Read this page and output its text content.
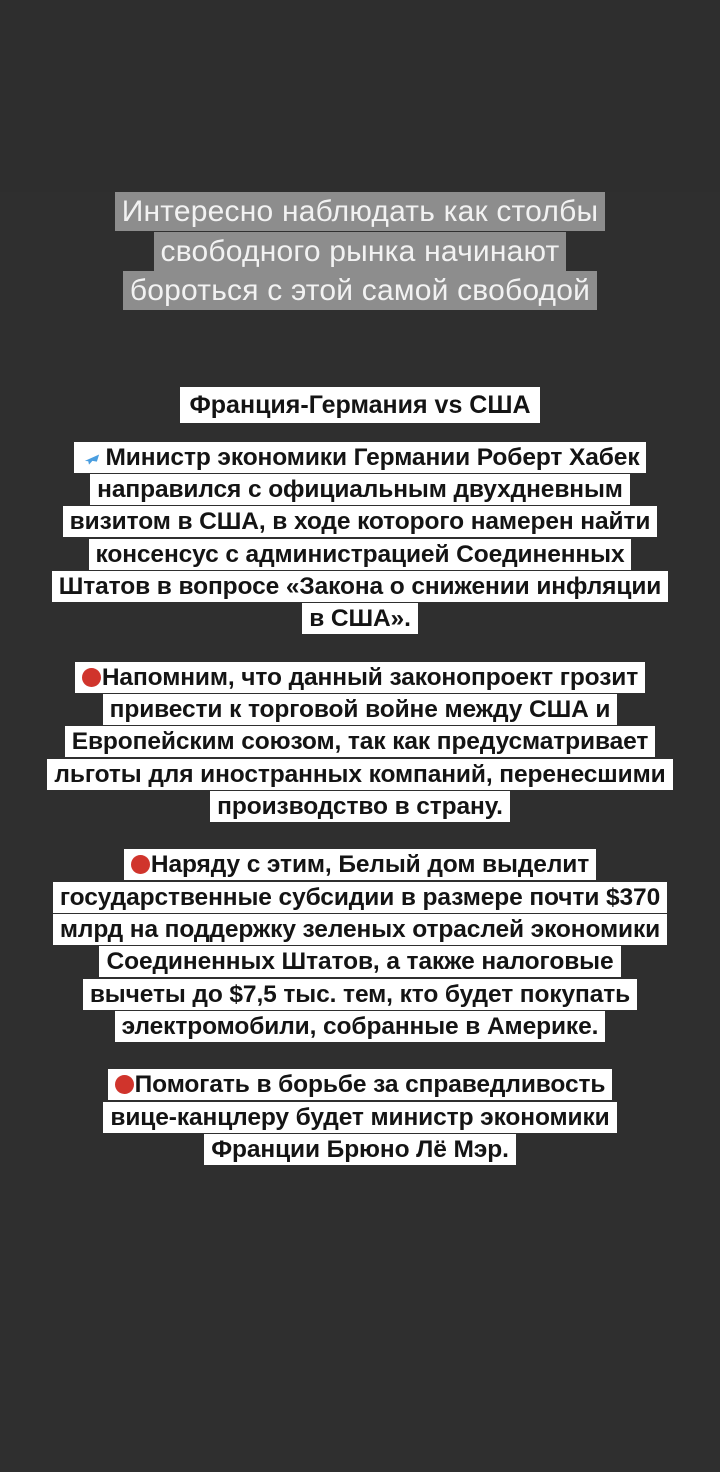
Интересно наблюдать как столбы
свободного рынка начинают
бороться с этой самой свободой
Франция-Германия vs США
Министр экономики Германии Роберт Хабек
направился с официальным двухдневным
визитом в США, в ходе которого намерен найти
консенсус с администрацией Соединенных
Штатов в вопросе «Закона о снижении инфляции
в США».
Напомним, что данный законопроект грозит
привести к торговой войне между США и
Европейским союзом, так как предусматривает
льготы для иностранных компаний, перенесшими
производство в страну.
Наряду с этим, Белый дом выделит
государственные субсидии в размере почти $370
млрд на поддержку зеленых отраслей экономики
Соединенных Штатов, а также налоговые
вычеты до $7,5 тыс. тем, кто будет покупать
электромобили, собранные в Америке.
Помогать в борьбе за справедливость
вице-канцлеру будет министр экономики
Франции Брюно Лё Мэр.
